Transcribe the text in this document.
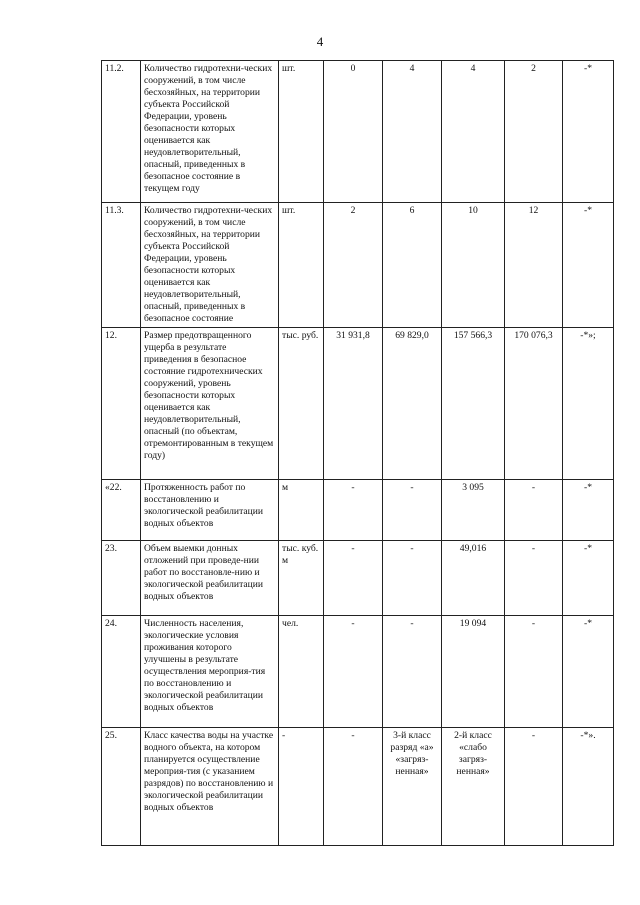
4
11.2.	Количество гидротехни-ческих сооружений, в том числе бесхозяйных, на территории субъекта Российской Федерации, уровень безопасности которых оценивается как неудовлетворительный, опасный, приведенных в безопасное состояние в текущем году	шт.	0	4	4	2	-*
11.3.	Количество гидротехни-ческих сооружений, в том числе бесхозяйных, на территории субъекта Российской Федерации, уровень безопасности которых оценивается как неудовлетворительный, опасный, приведенных в безопасное состояние	шт.	2	6	10	12	-*
12.	Размер предотвращенного ущерба в результате приведения в безопасное состояние гидротехнических сооружений, уровень безопасности которых оценивается как неудовлетворительный, опасный (по объектам, отремонтированным в текущем году)	тыс. руб.	31 931,8	69 829,0	157 566,3	170 076,3	-*»;
«22.	Протяженность работ по восстановлению и экологической реабилитации водных объектов	м	-	-	3 095	-	-*
23.	Объем выемки донных отложений при проведе-нии работ по восстановле-нию и экологической реабилитации водных объектов	тыс. куб. м	-	-	49,016	-	-*
24.	Численность населения, экологические условия проживания которого улучшены в результате осуществления мероприя-тия по восстановлению и экологической реабилитации водных объектов	чел.	-	-	19 094	-	-*
25.	Класс качества воды на участке водного объекта, на котором планируется осуществление мероприя-тия (с указанием разрядов) по восстановлению и экологической реабилитации водных объектов	-	-	3-й класс разряд «а» «загряз-ненная»	2-й класс «слабо загряз-ненная»	-	-*».
